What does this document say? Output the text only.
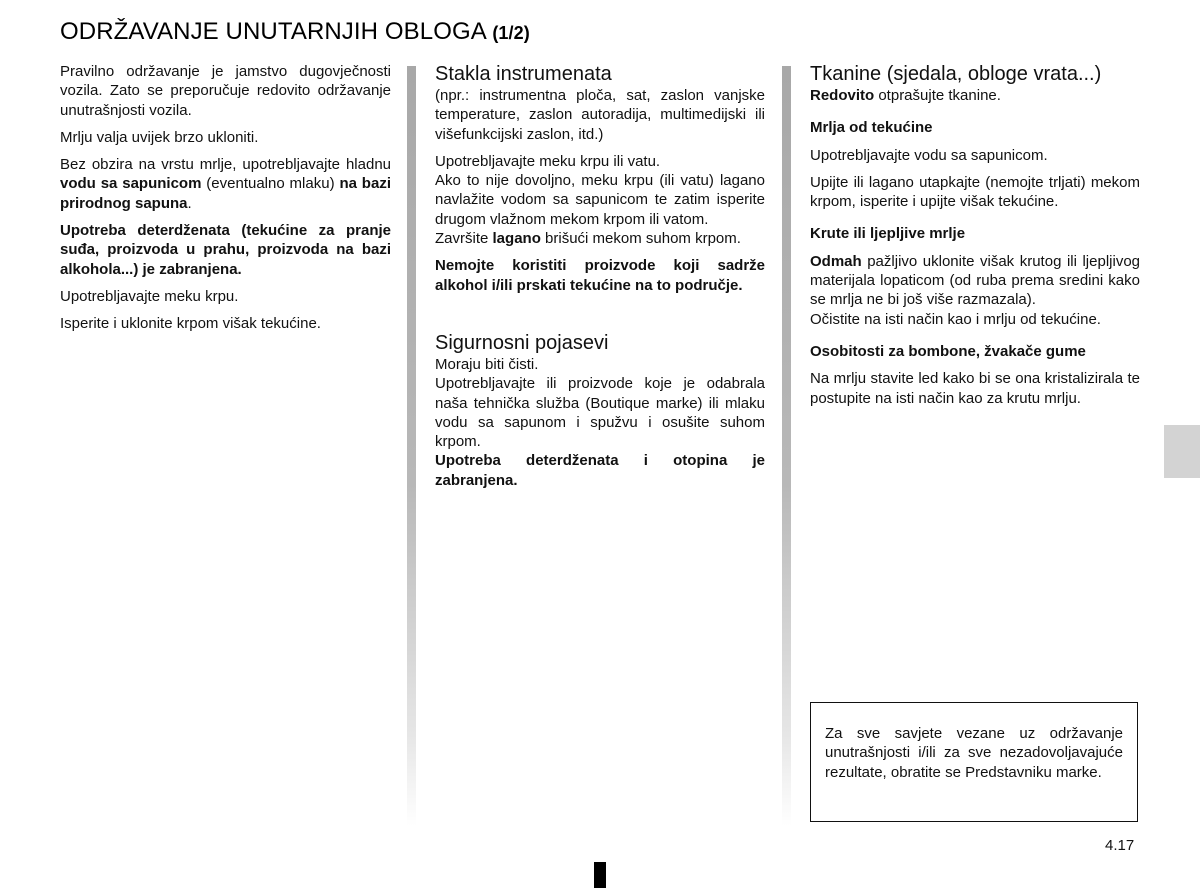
ODRŽAVANJE UNUTARNJIH OBLOGA (1/2)

Pravilno održavanje je jamstvo dugovječnosti vozila. Zato se preporučuje redovito održavanje unutrašnjosti vozila.

Mrlju valja uvijek brzo ukloniti.

Bez obzira na vrstu mrlje, upotrebljavajte hladnu vodu sa sapunicom (eventualno mlaku) na bazi prirodnog sapuna.

Upotreba deterdženata (tekućine za pranje suđa, proizvoda u prahu, proizvoda na bazi alkohola...) je zabranjena.

Upotrebljavajte meku krpu.

Isperite i uklonite krpom višak tekućine.

Stakla instrumenata

(npr.: instrumentna ploča, sat, zaslon vanjske temperature, zaslon autoradija, multimedijski ili višefunkcijski zaslon, itd.)

Upotrebljavajte meku krpu ili vatu.
Ako to nije dovoljno, meku krpu (ili vatu) lagano navlažite vodom sa sapunicom te zatim isperite drugom vlažnom mekom krpom ili vatom.
Završite lagano brišući mekom suhom krpom.

Nemojte koristiti proizvode koji sadrže alkohol i/ili prskati tekućine na to područje.

Sigurnosni pojasevi

Moraju biti čisti.
Upotrebljavajte ili proizvode koje je odabrala naša tehnička služba (Boutique marke) ili mlaku vodu sa sapunom i spužvu i osušite suhom krpom.
Upotreba deterdženata i otopina je zabranjena.

Tkanine (sjedala, obloge vrata...)

Redovito otprašujte tkanine.

Mrlja od tekućine

Upotrebljavajte vodu sa sapunicom.

Upijte ili lagano utapkajte (nemojte trljati) mekom krpom, isperite i upijte višak tekućine.

Krute ili ljepljive mrlje

Odmah pažljivo uklonite višak krutog ili ljepljivog materijala lopaticom (od ruba prema sredini kako se mrlja ne bi još više razmazala).
Očistite na isti način kao i mrlju od tekućine.

Osobitosti za bombone, žvakače gume

Na mrlju stavite led kako bi se ona kristalizirala te postupite na isti način kao za krutu mrlju.

Za sve savjete vezane uz održavanje unutrašnjosti i/ili za sve nezadovoljavajuće rezultate, obratite se Predstavniku marke.
4.17
